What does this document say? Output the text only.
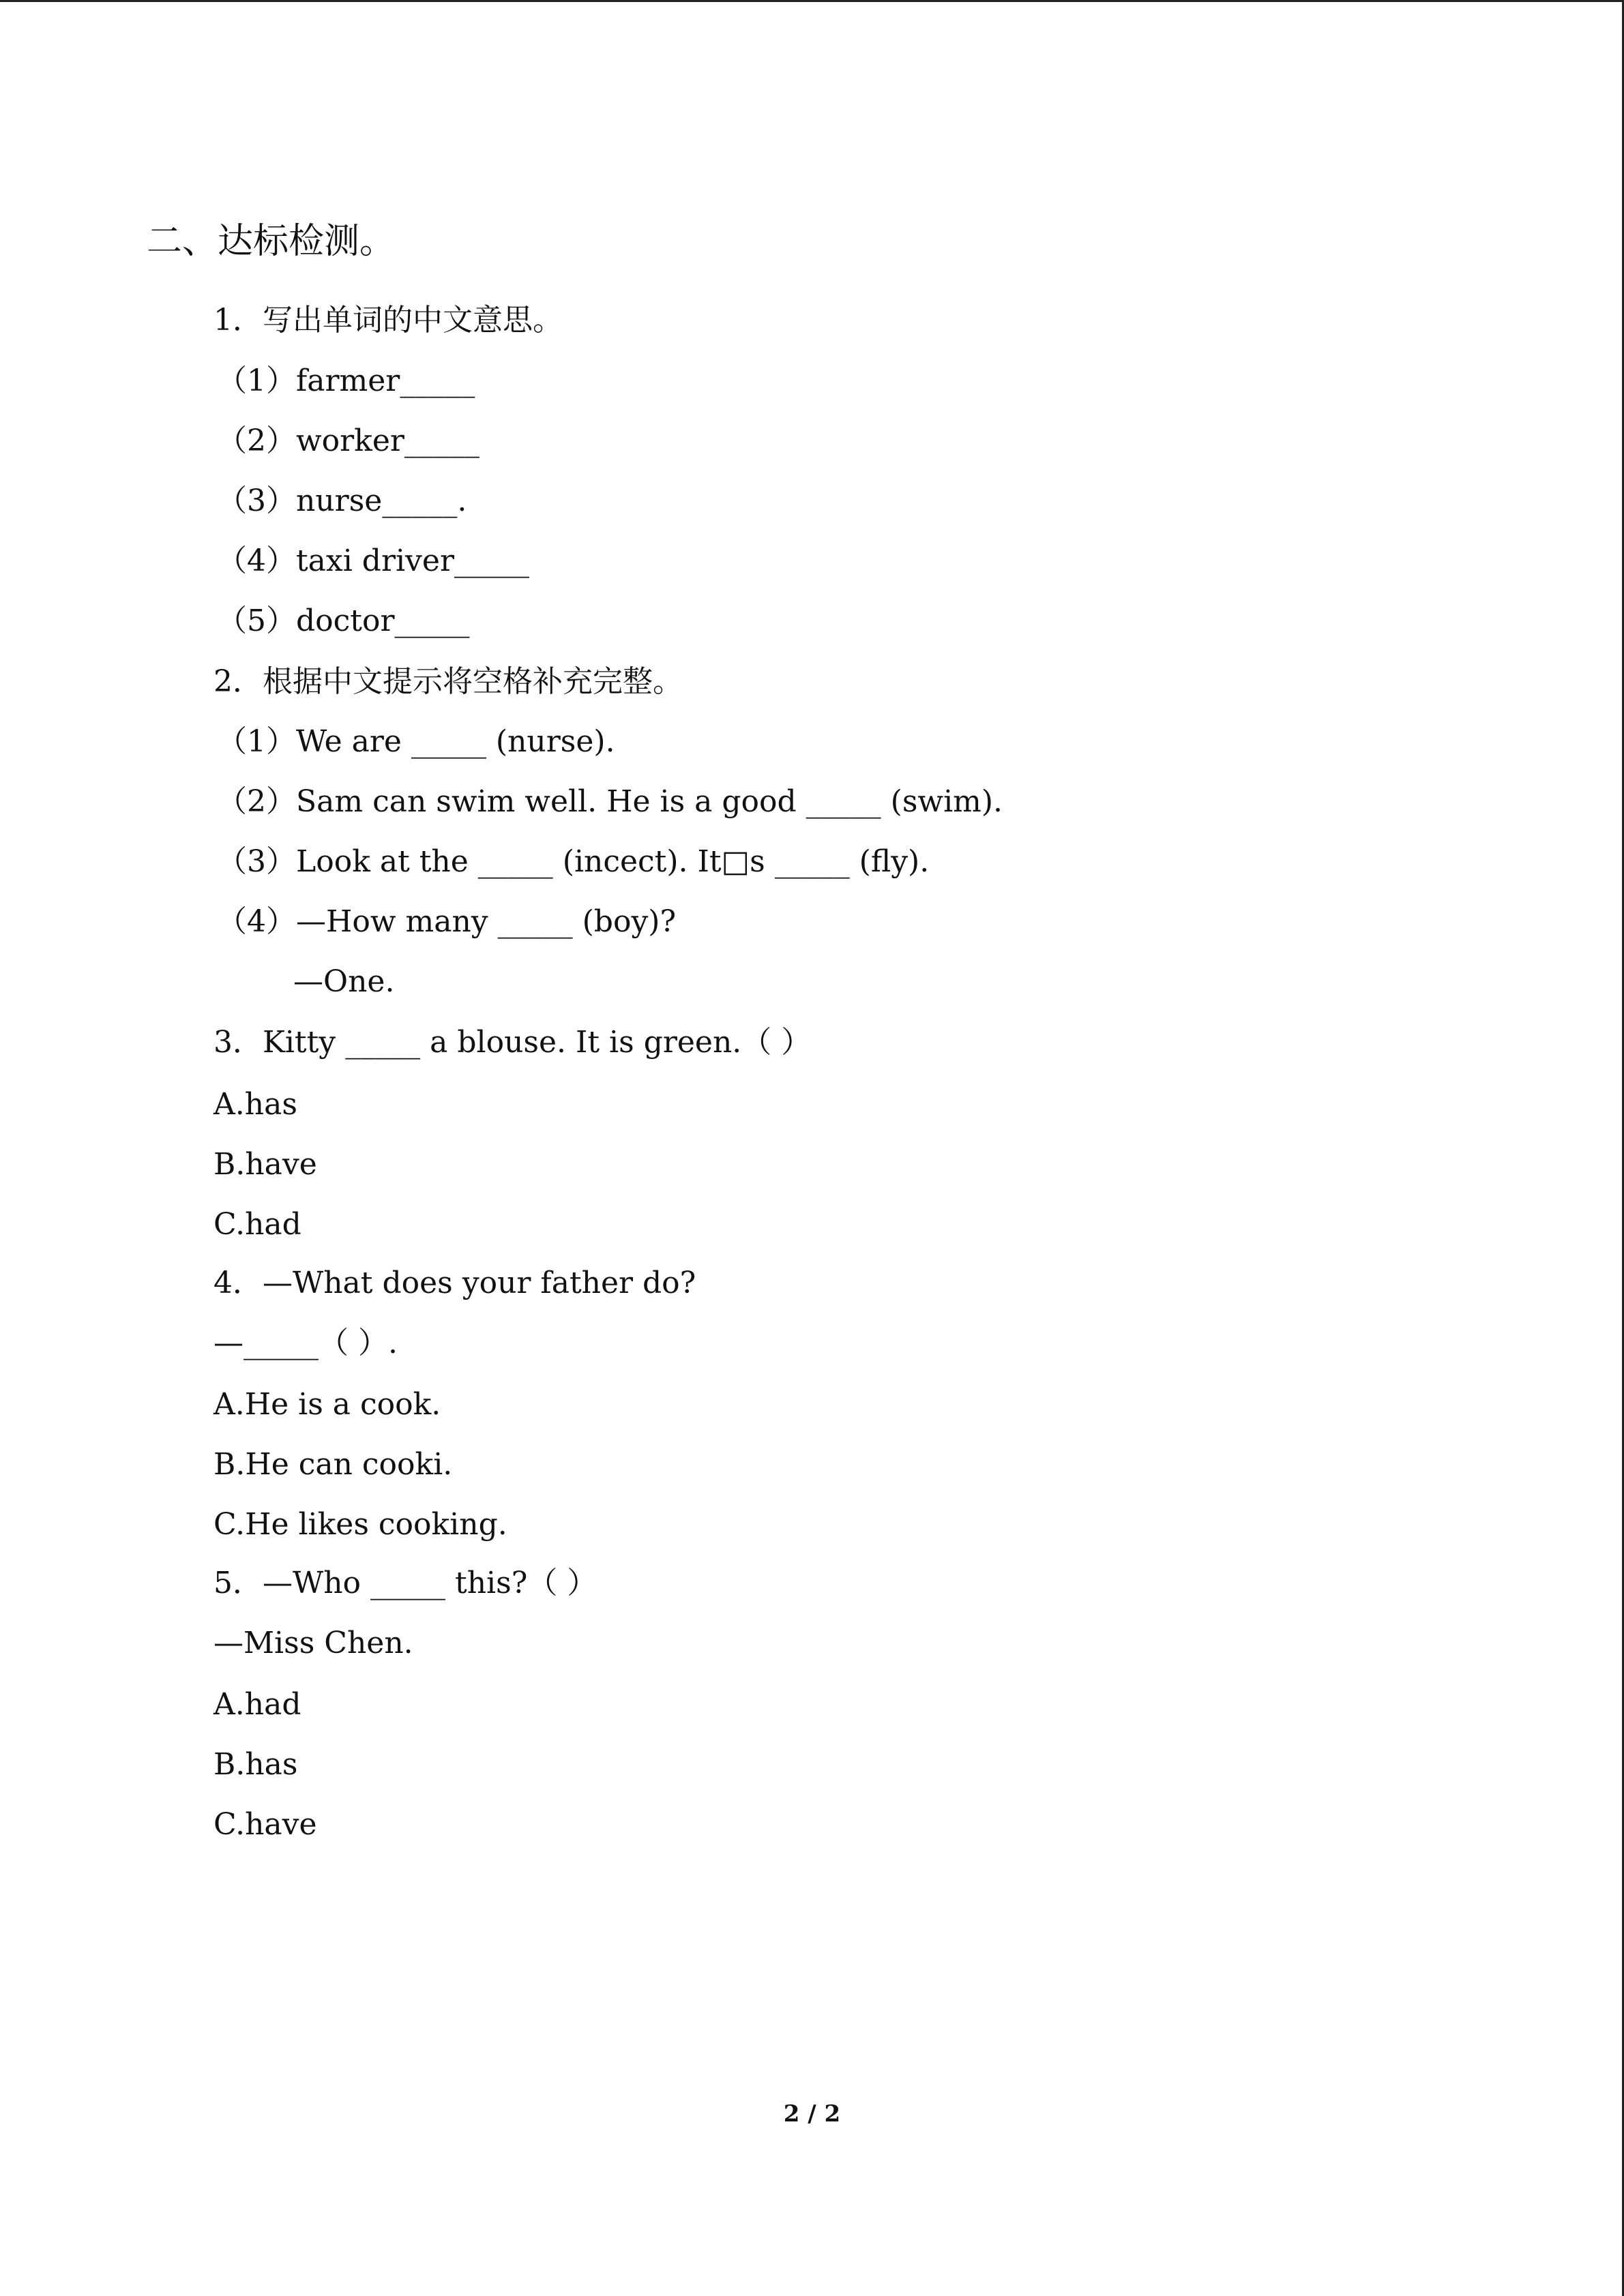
二、达标检测。
1．写出单词的中文意思。
（1）farmer_____
（2）worker_____
（3）nurse_____.
（4）taxi driver_____
（5）doctor_____
2．根据中文提示将空格补充完整。
（1）We are _____ (nurse).
（2）Sam can swim well. He is a good _____ (swim).
（3）Look at the _____ (incect). It□s _____ (fly).
（4）—How many _____ (boy)?
—One.
3．Kitty _____ a blouse. It is green.（ ）
A.has
B.have
C.had
4．—What does your father do?
—_____（ ）.
A.He is a cook.
B.He can cooki.
C.He likes cooking.
5．—Who _____ this?（ ）
—Miss Chen.
A.had
B.has
C.have
2 / 2
